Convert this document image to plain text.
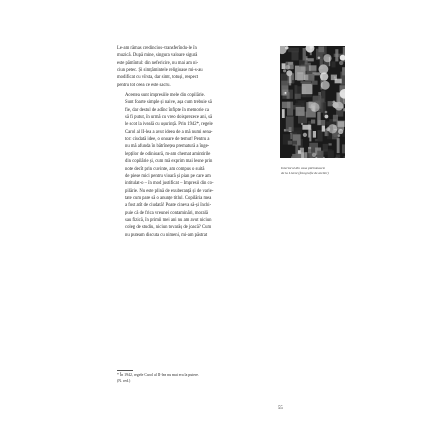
Le-am rămas credincios–transferîndu-le în
muzică. După mine, singura valoare sigură
este pămîntul: din nefericire, nu mai am ni-
ciun petec. Și simțămintele religioase mi-s-au
modificat cu vîrsta, dar simt, totuși, respect
pentru tot ceea ce este sacru.

Acestea sunt impresiile mele din copilărie.
Sunt foarte simple și naive, așa cum trebuie să
fie, dar destul de adînc înfipte în memorie ca
să fi putut, în urmă cu vreo doisprezece ani, să
le scot la iveală cu ușurință. Prin 1942*, regele
Carol al II-lea a avut ideea de a mă numi sena-
tor: ciudată idee, o onoare de temut! Pentru a
nu mă afunda în bătrînețea prematură a înge-
lepților de odinioară, m-am chemat amintirile
din copilărie și, cum mă exprim mai lesne prin
note decît prin cuvinte, am compus o suită
de piese mici pentru vioară și pian pe care am
intitulat-o – în mod justificat – Impresii din co-
pilărie. Nu este plină de exuberanță și de varie-
tate cum pare să o anunțe titlul. Copilăria mea
a fost atît de ciudată! Poate cineva să-și închi-
puie că de frica vreunei contaminări, morală
sau fizică, în primii mei ani nu am avut niciun
coleg de studiu, niciun tovarăș de joacă? Cum
nu puteam discuta cu nimeni, mi-am păstrat

Interiorul din casa părintească
de la Liveni (fotografie de atelier)
* În 1942, regele Carol al II-lea nu mai era la putere.
(N. red.)
55
